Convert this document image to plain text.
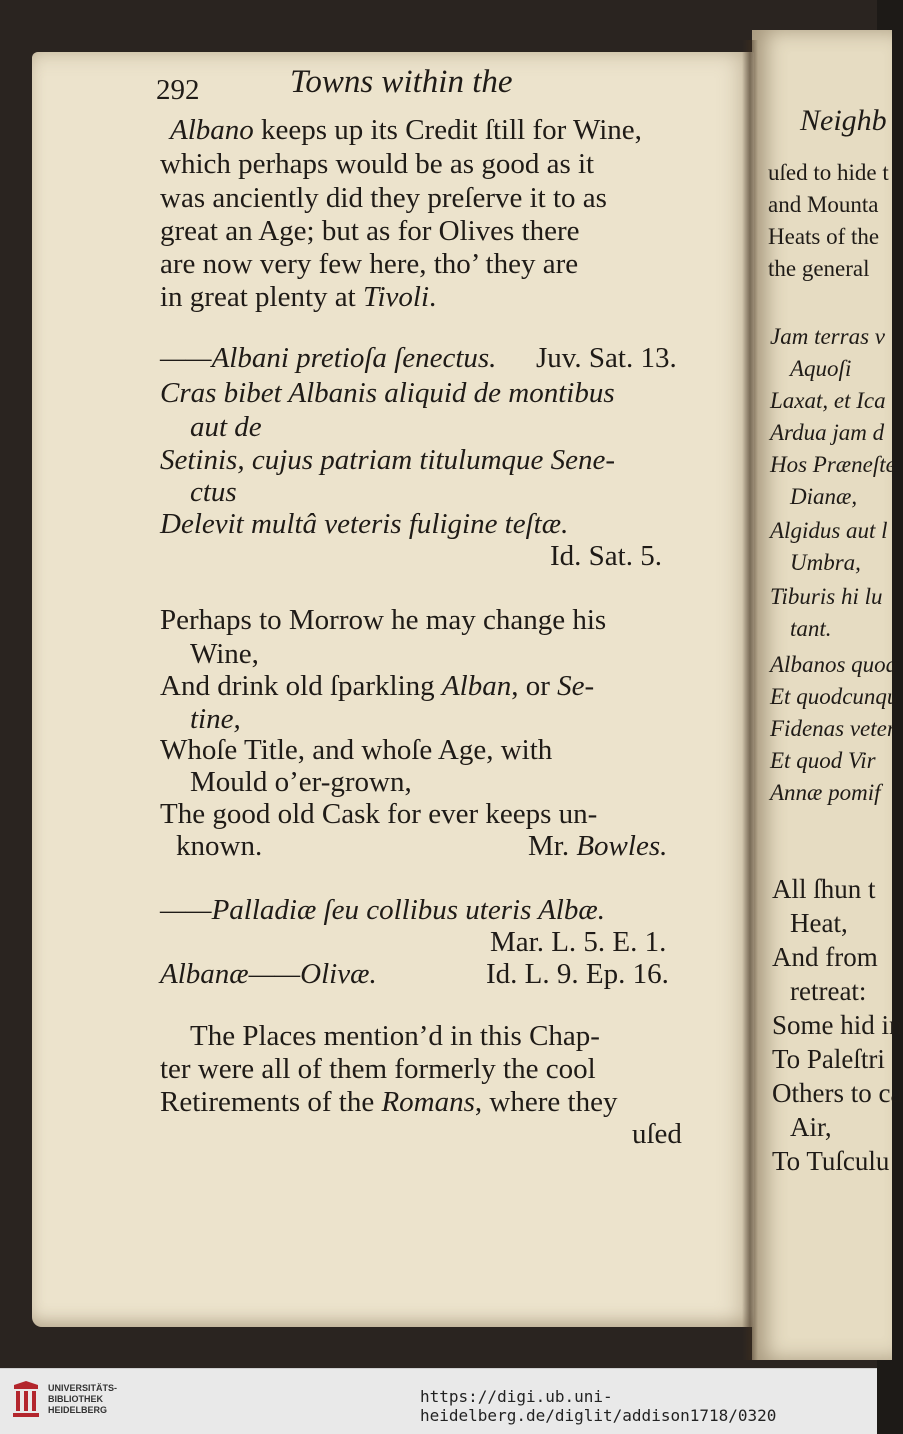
Neighb
uſed to hide t
and Mounta
Heats of the
the general
Jam terras v
Aquoſi
Laxat, et Ica
Ardua jam d
Hos Præneſte
Dianæ,
Algidus aut l
Umbra,
Tiburis hi lu
tant.
Albanos quoq
Et quodcunqu
Fidenas veter
Et quod Vir
Annæ pomif
All ſhun t
Heat,
And from
retreat:
Some hid in
To Paleſtri
Others to ca
Air,
To Tuſculu
292	Towns within the
Albano keeps up its Credit ſtill for Wine,
which perhaps would be as good as it
was anciently did they preſerve it to as
great an Age; but as for Olives there
are now very few here, tho’ they are
in great plenty at Tivoli.
——Albani pretioſa ſenectus. Juv. Sat. 13.
Cras bibet Albanis aliquid de montibus
aut de
Setinis, cujus patriam titulumque Sene-
ctus
Delevit multâ veteris fuligine teſtæ.
Id. Sat. 5.
Perhaps to Morrow he may change his
Wine,
And drink old ſparkling Alban, or Se-
tine,
Whoſe Title, and whoſe Age, with
Mould o’er-grown,
The good old Cask for ever keeps un-
known.	Mr. Bowles.
——Palladiæ ſeu collibus uteris Albæ.
Mar. L. 5. E. 1.
Albanæ——Olivæ.	Id. L. 9. Ep. 16.
The Places mention’d in this Chap-
ter were all of them formerly the cool
Retirements of the Romans, where they
uſed
UNIVERSITÄTS-
BIBLIOTHEK
HEIDELBERG
https://digi.ub.uni-heidelberg.de/diglit/addison1718/0320
